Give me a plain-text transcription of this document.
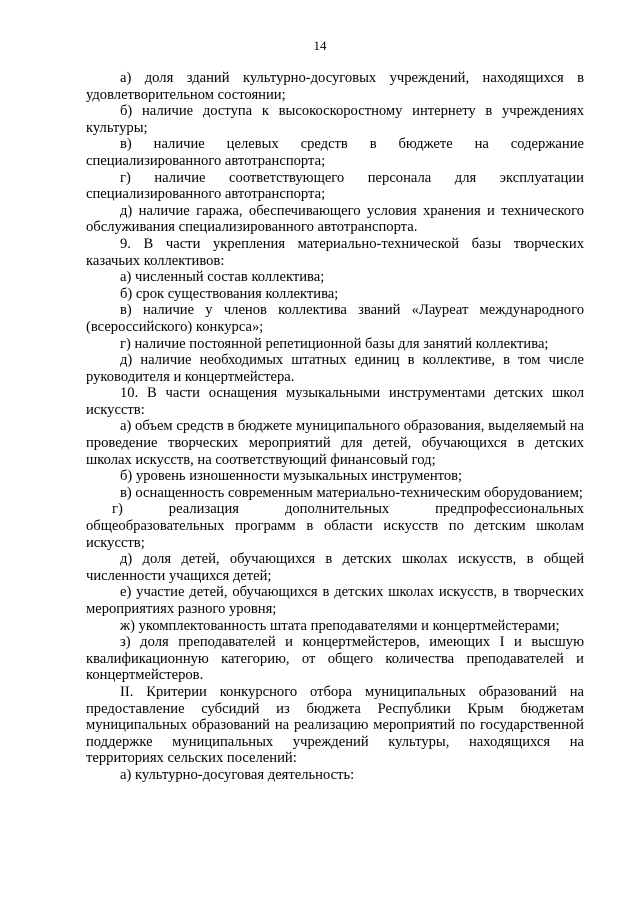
14

а) доля зданий культурно-досуговых учреждений, находящихся в удовлетворительном состоянии;

б) наличие доступа к высокоскоростному интернету в учреждениях культуры;

в) наличие целевых средств в бюджете на содержание специализированного автотранспорта;

г) наличие соответствующего персонала для эксплуатации специализированного автотранспорта;

д) наличие гаража, обеспечивающего условия хранения и технического обслуживания специализированного автотранспорта.

9. В части укрепления материально-технической базы творческих казачьих коллективов:

а) численный состав коллектива;

б) срок существования коллектива;

в) наличие у членов коллектива званий «Лауреат международного (всероссийского) конкурса»;

г) наличие постоянной репетиционной базы для занятий коллектива;

д) наличие необходимых штатных единиц в коллективе, в том числе руководителя и концертмейстера.

10. В части оснащения музыкальными инструментами детских школ искусств:

а) объем средств в бюджете муниципального образования, выделяемый на проведение творческих мероприятий для детей, обучающихся в детских школах искусств, на соответствующий финансовый год;

б) уровень изношенности музыкальных инструментов;

в) оснащенность современным материально-техническим оборудованием;

г) реализация дополнительных предпрофессиональных общеобразовательных программ в области искусств по детским школам искусств;

д) доля детей, обучающихся в детских школах искусств, в общей численности учащихся детей;

е) участие детей, обучающихся в детских школах искусств, в творческих мероприятиях разного уровня;

ж) укомплектованность штата преподавателями и концертмейстерами;

з) доля преподавателей и концертмейстеров, имеющих I и высшую квалификационную категорию, от общего количества преподавателей и концертмейстеров.

II. Критерии конкурсного отбора муниципальных образований на предоставление субсидий из бюджета Республики Крым бюджетам муниципальных образований на реализацию мероприятий по государственной поддержке муниципальных учреждений культуры, находящихся на территориях сельских поселений:

а) культурно-досуговая деятельность:
